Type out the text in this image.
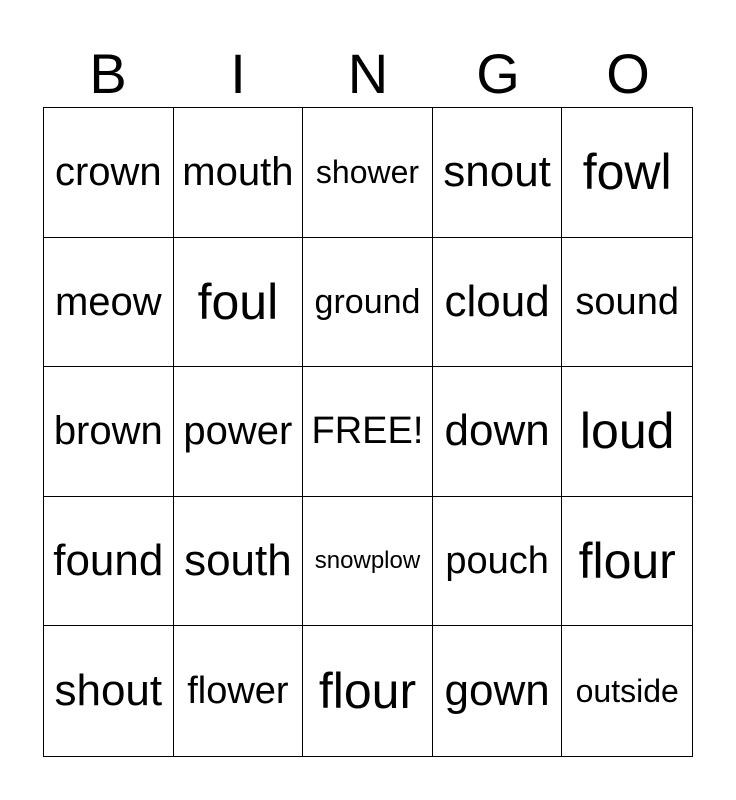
B	I	N	G	O
crown mouth shower snout fowl
meow foul	ground cloud sound
brown power FREE! down loud
found south snowplow pouch flour
shout flower flour gown outside
